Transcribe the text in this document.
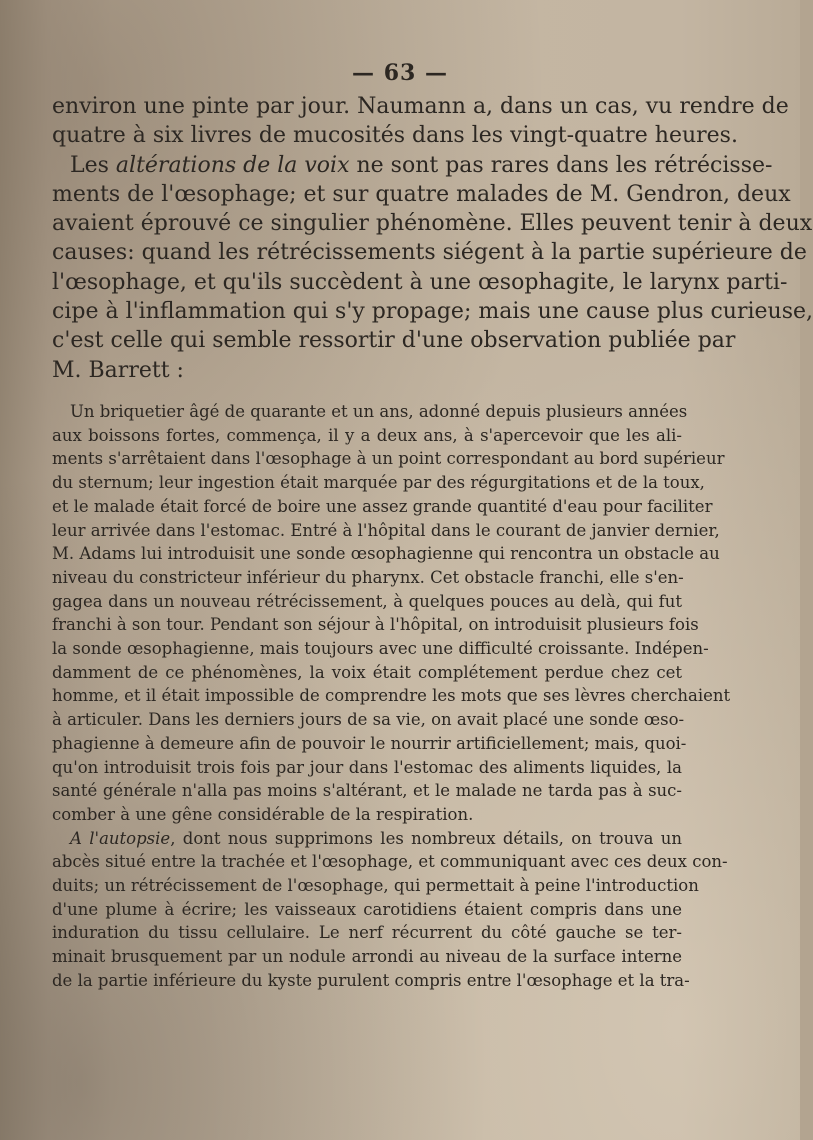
— 63 —
environ une pinte par jour. Naumann a, dans un cas, vu rendre de
quatre à six livres de mucosités dans les vingt-quatre heures.
Les altérations de la voix ne sont pas rares dans les rétrécisse-
ments de l'œsophage; et sur quatre malades de M. Gendron, deux
avaient éprouvé ce singulier phénomène. Elles peuvent tenir à deux
causes: quand les rétrécissements siégent à la partie supérieure de
l'œsophage, et qu'ils succèdent à une œsophagite, le larynx parti-
cipe à l'inflammation qui s'y propage; mais une cause plus curieuse,
c'est celle qui semble ressortir d'une observation publiée par
M. Barrett :
Un briquetier âgé de quarante et un ans, adonné depuis plusieurs années
aux boissons fortes, commença, il y a deux ans, à s'apercevoir que les ali-
ments s'arrêtaient dans l'œsophage à un point correspondant au bord supérieur
du sternum; leur ingestion était marquée par des régurgitations et de la toux,
et le malade était forcé de boire une assez grande quantité d'eau pour faciliter
leur arrivée dans l'estomac. Entré à l'hôpital dans le courant de janvier dernier,
M. Adams lui introduisit une sonde œsophagienne qui rencontra un obstacle au
niveau du constricteur inférieur du pharynx. Cet obstacle franchi, elle s'en-
gagea dans un nouveau rétrécissement, à quelques pouces au delà, qui fut
franchi à son tour. Pendant son séjour à l'hôpital, on introduisit plusieurs fois
la sonde œsophagienne, mais toujours avec une difficulté croissante. Indépen-
damment de ce phénomènes, la voix était complétement perdue chez cet
homme, et il était impossible de comprendre les mots que ses lèvres cherchaient
à articuler. Dans les derniers jours de sa vie, on avait placé une sonde œso-
phagienne à demeure afin de pouvoir le nourrir artificiellement; mais, quoi-
qu'on introduisit trois fois par jour dans l'estomac des aliments liquides, la
santé générale n'alla pas moins s'altérant, et le malade ne tarda pas à suc-
comber à une gêne considérable de la respiration.
A l'autopsie, dont nous supprimons les nombreux détails, on trouva un
abcès situé entre la trachée et l'œsophage, et communiquant avec ces deux con-
duits; un rétrécissement de l'œsophage, qui permettait à peine l'introduction
d'une plume à écrire; les vaisseaux carotidiens étaient compris dans une
induration du tissu cellulaire. Le nerf récurrent du côté gauche se ter-
minait brusquement par un nodule arrondi au niveau de la surface interne
de la partie inférieure du kyste purulent compris entre l'œsophage et la tra-
